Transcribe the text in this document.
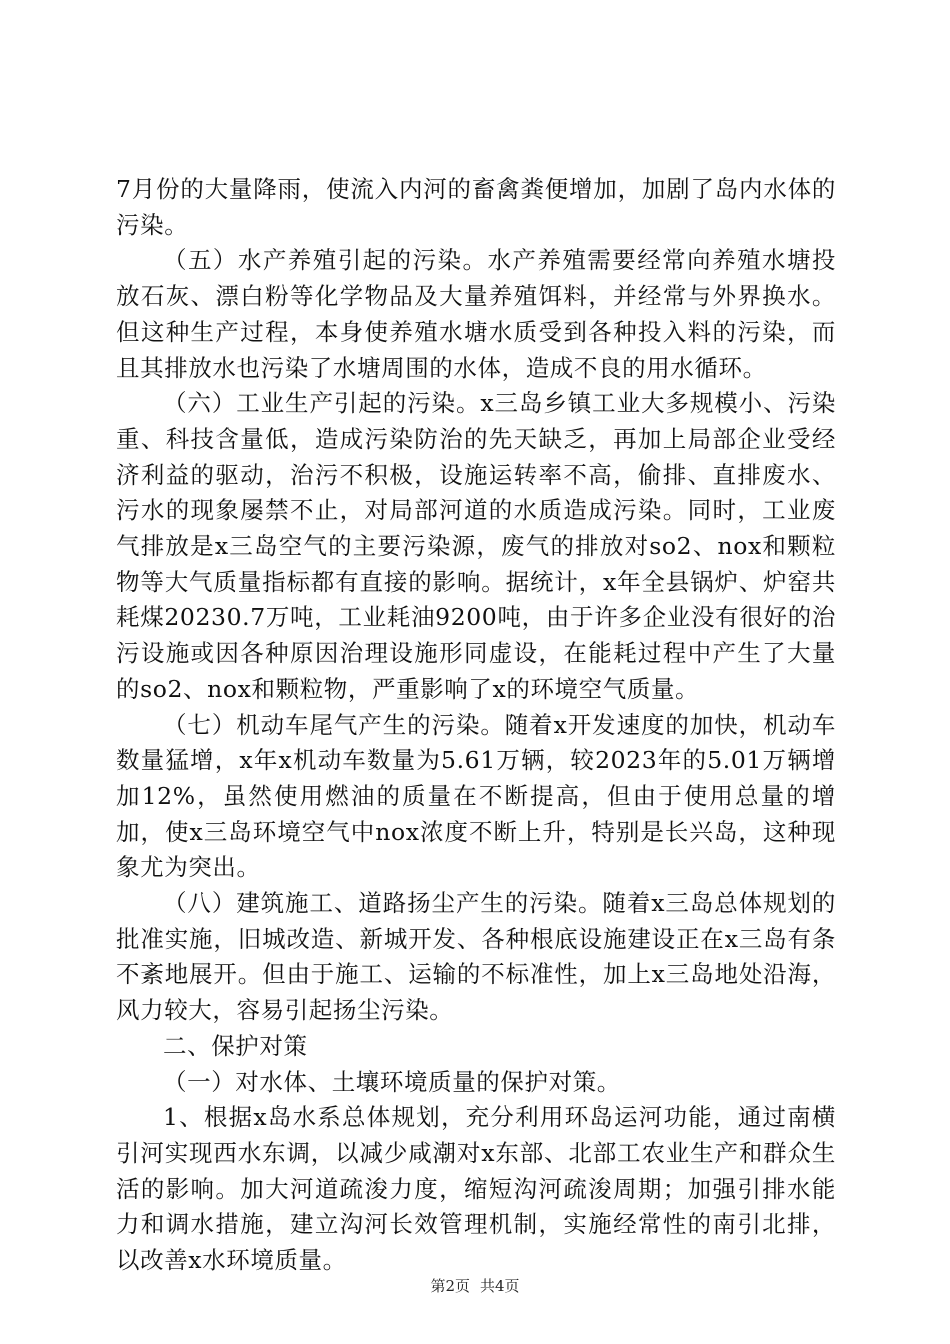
7月份的大量降雨，使流入内河的畜禽粪便增加，加剧了岛内水体的污染。

（五）水产养殖引起的污染。水产养殖需要经常向养殖水塘投放石灰、漂白粉等化学物品及大量养殖饵料，并经常与外界换水。但这种生产过程，本身使养殖水塘水质受到各种投入料的污染，而且其排放水也污染了水塘周围的水体，造成不良的用水循环。

（六）工业生产引起的污染。x三岛乡镇工业大多规模小、污染重、科技含量低，造成污染防治的先天缺乏，再加上局部企业受经济利益的驱动，治污不积极，设施运转率不高，偷排、直排废水、污水的现象屡禁不止，对局部河道的水质造成污染。同时，工业废气排放是x三岛空气的主要污染源，废气的排放对so2、nox和颗粒物等大气质量指标都有直接的影响。据统计，x年全县锅炉、炉窑共耗煤20230.7万吨，工业耗油9200吨，由于许多企业没有很好的治污设施或因各种原因治理设施形同虚设，在能耗过程中产生了大量的so2、nox和颗粒物，严重影响了x的环境空气质量。

（七）机动车尾气产生的污染。随着x开发速度的加快，机动车数量猛增，x年x机动车数量为5.61万辆，较2023年的5.01万辆增加12%，虽然使用燃油的质量在不断提高，但由于使用总量的增加，使x三岛环境空气中nox浓度不断上升，特别是长兴岛，这种现象尤为突出。

（八）建筑施工、道路扬尘产生的污染。随着x三岛总体规划的批准实施，旧城改造、新城开发、各种根底设施建设正在x三岛有条不紊地展开。但由于施工、运输的不标准性，加上x三岛地处沿海，风力较大，容易引起扬尘污染。

二、保护对策

（一）对水体、土壤环境质量的保护对策。

1、根据x岛水系总体规划，充分利用环岛运河功能，通过南横引河实现西水东调，以减少咸潮对x东部、北部工农业生产和群众生活的影响。加大河道疏浚力度，缩短沟河疏浚周期；加强引排水能力和调水措施，建立沟河长效管理机制，实施经常性的南引北排，以改善x水环境质量。

第2页 共4页
